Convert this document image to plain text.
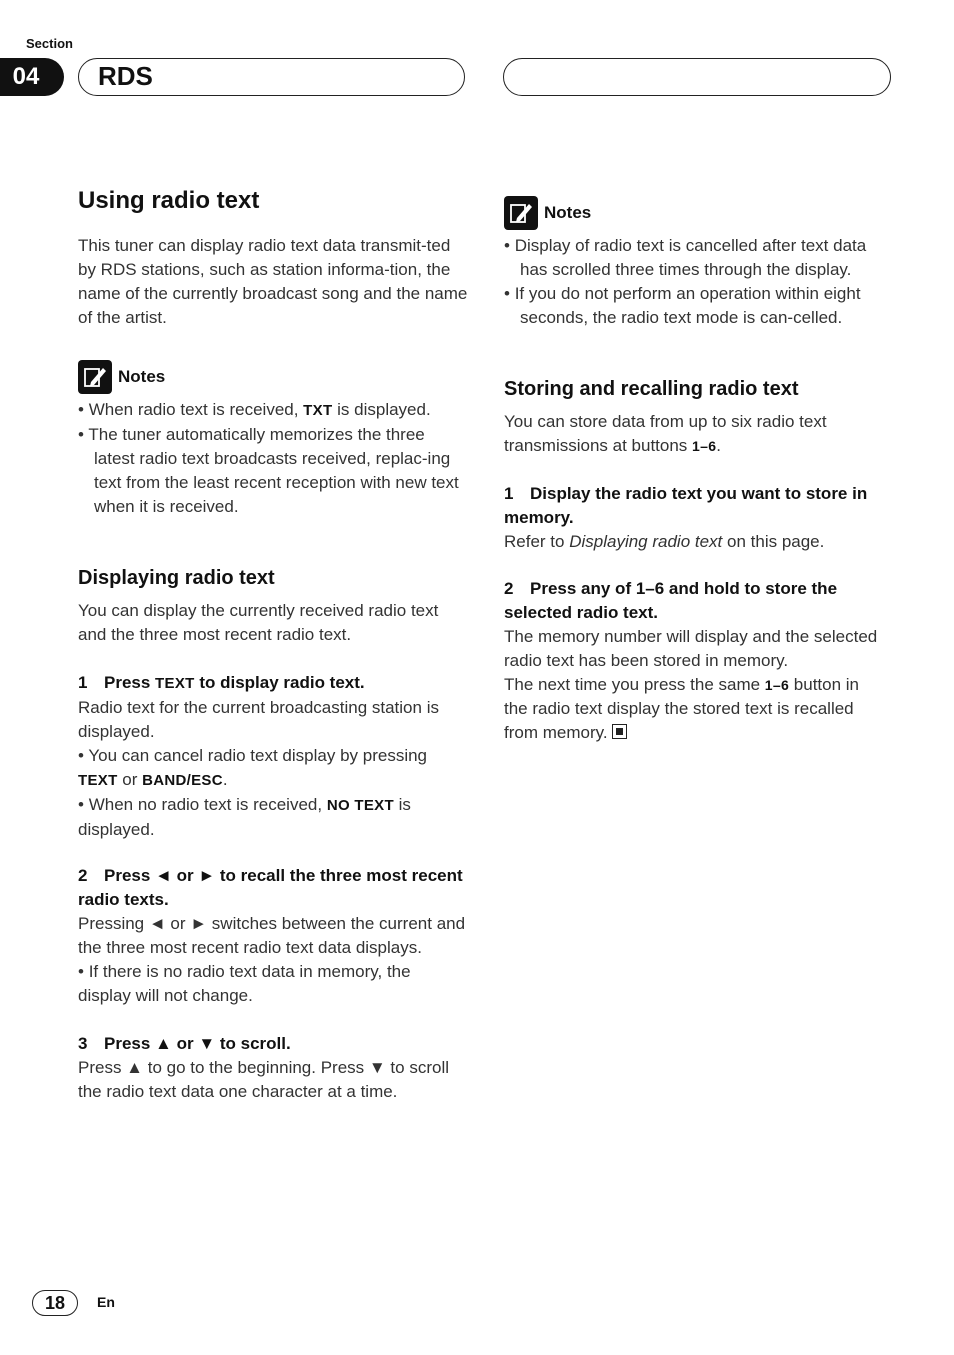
Section
04	RDS
Using radio text

This tuner can display radio text data transmit-ted by RDS stations, such as station informa-tion, the name of the currently broadcast song and the name of the artist.

Notes

• When radio text is received, TXT is displayed.

• The tuner automatically memorizes the three latest radio text broadcasts received, replac-ing text from the least recent reception with new text when it is received.

Displaying radio text

You can display the currently received radio text and the three most recent radio text.

1 Press TEXT to display radio text.

Radio text for the current broadcasting station is displayed.

• You can cancel radio text display by pressing TEXT or BAND/ESC.

• When no radio text is received, NO TEXT is displayed.

2 Press ◄ or ► to recall the three most recent radio texts.

Pressing ◄ or ► switches between the current and the three most recent radio text data displays.

• If there is no radio text data in memory, the display will not change.

3 Press ▲ or ▼ to scroll.

Press ▲ to go to the beginning. Press ▼ to scroll the radio text data one character at a time.

Notes

• Display of radio text is cancelled after text data has scrolled three times through the display.

• If you do not perform an operation within eight seconds, the radio text mode is can-celled.

Storing and recalling radio text

You can store data from up to six radio text transmissions at buttons 1–6.

1 Display the radio text you want to store in memory.

Refer to Displaying radio text on this page.

2 Press any of 1–6 and hold to store the selected radio text.

The memory number will display and the selected radio text has been stored in memory.

The next time you press the same 1–6 button in the radio text display the stored text is recalled from memory.

18	En
